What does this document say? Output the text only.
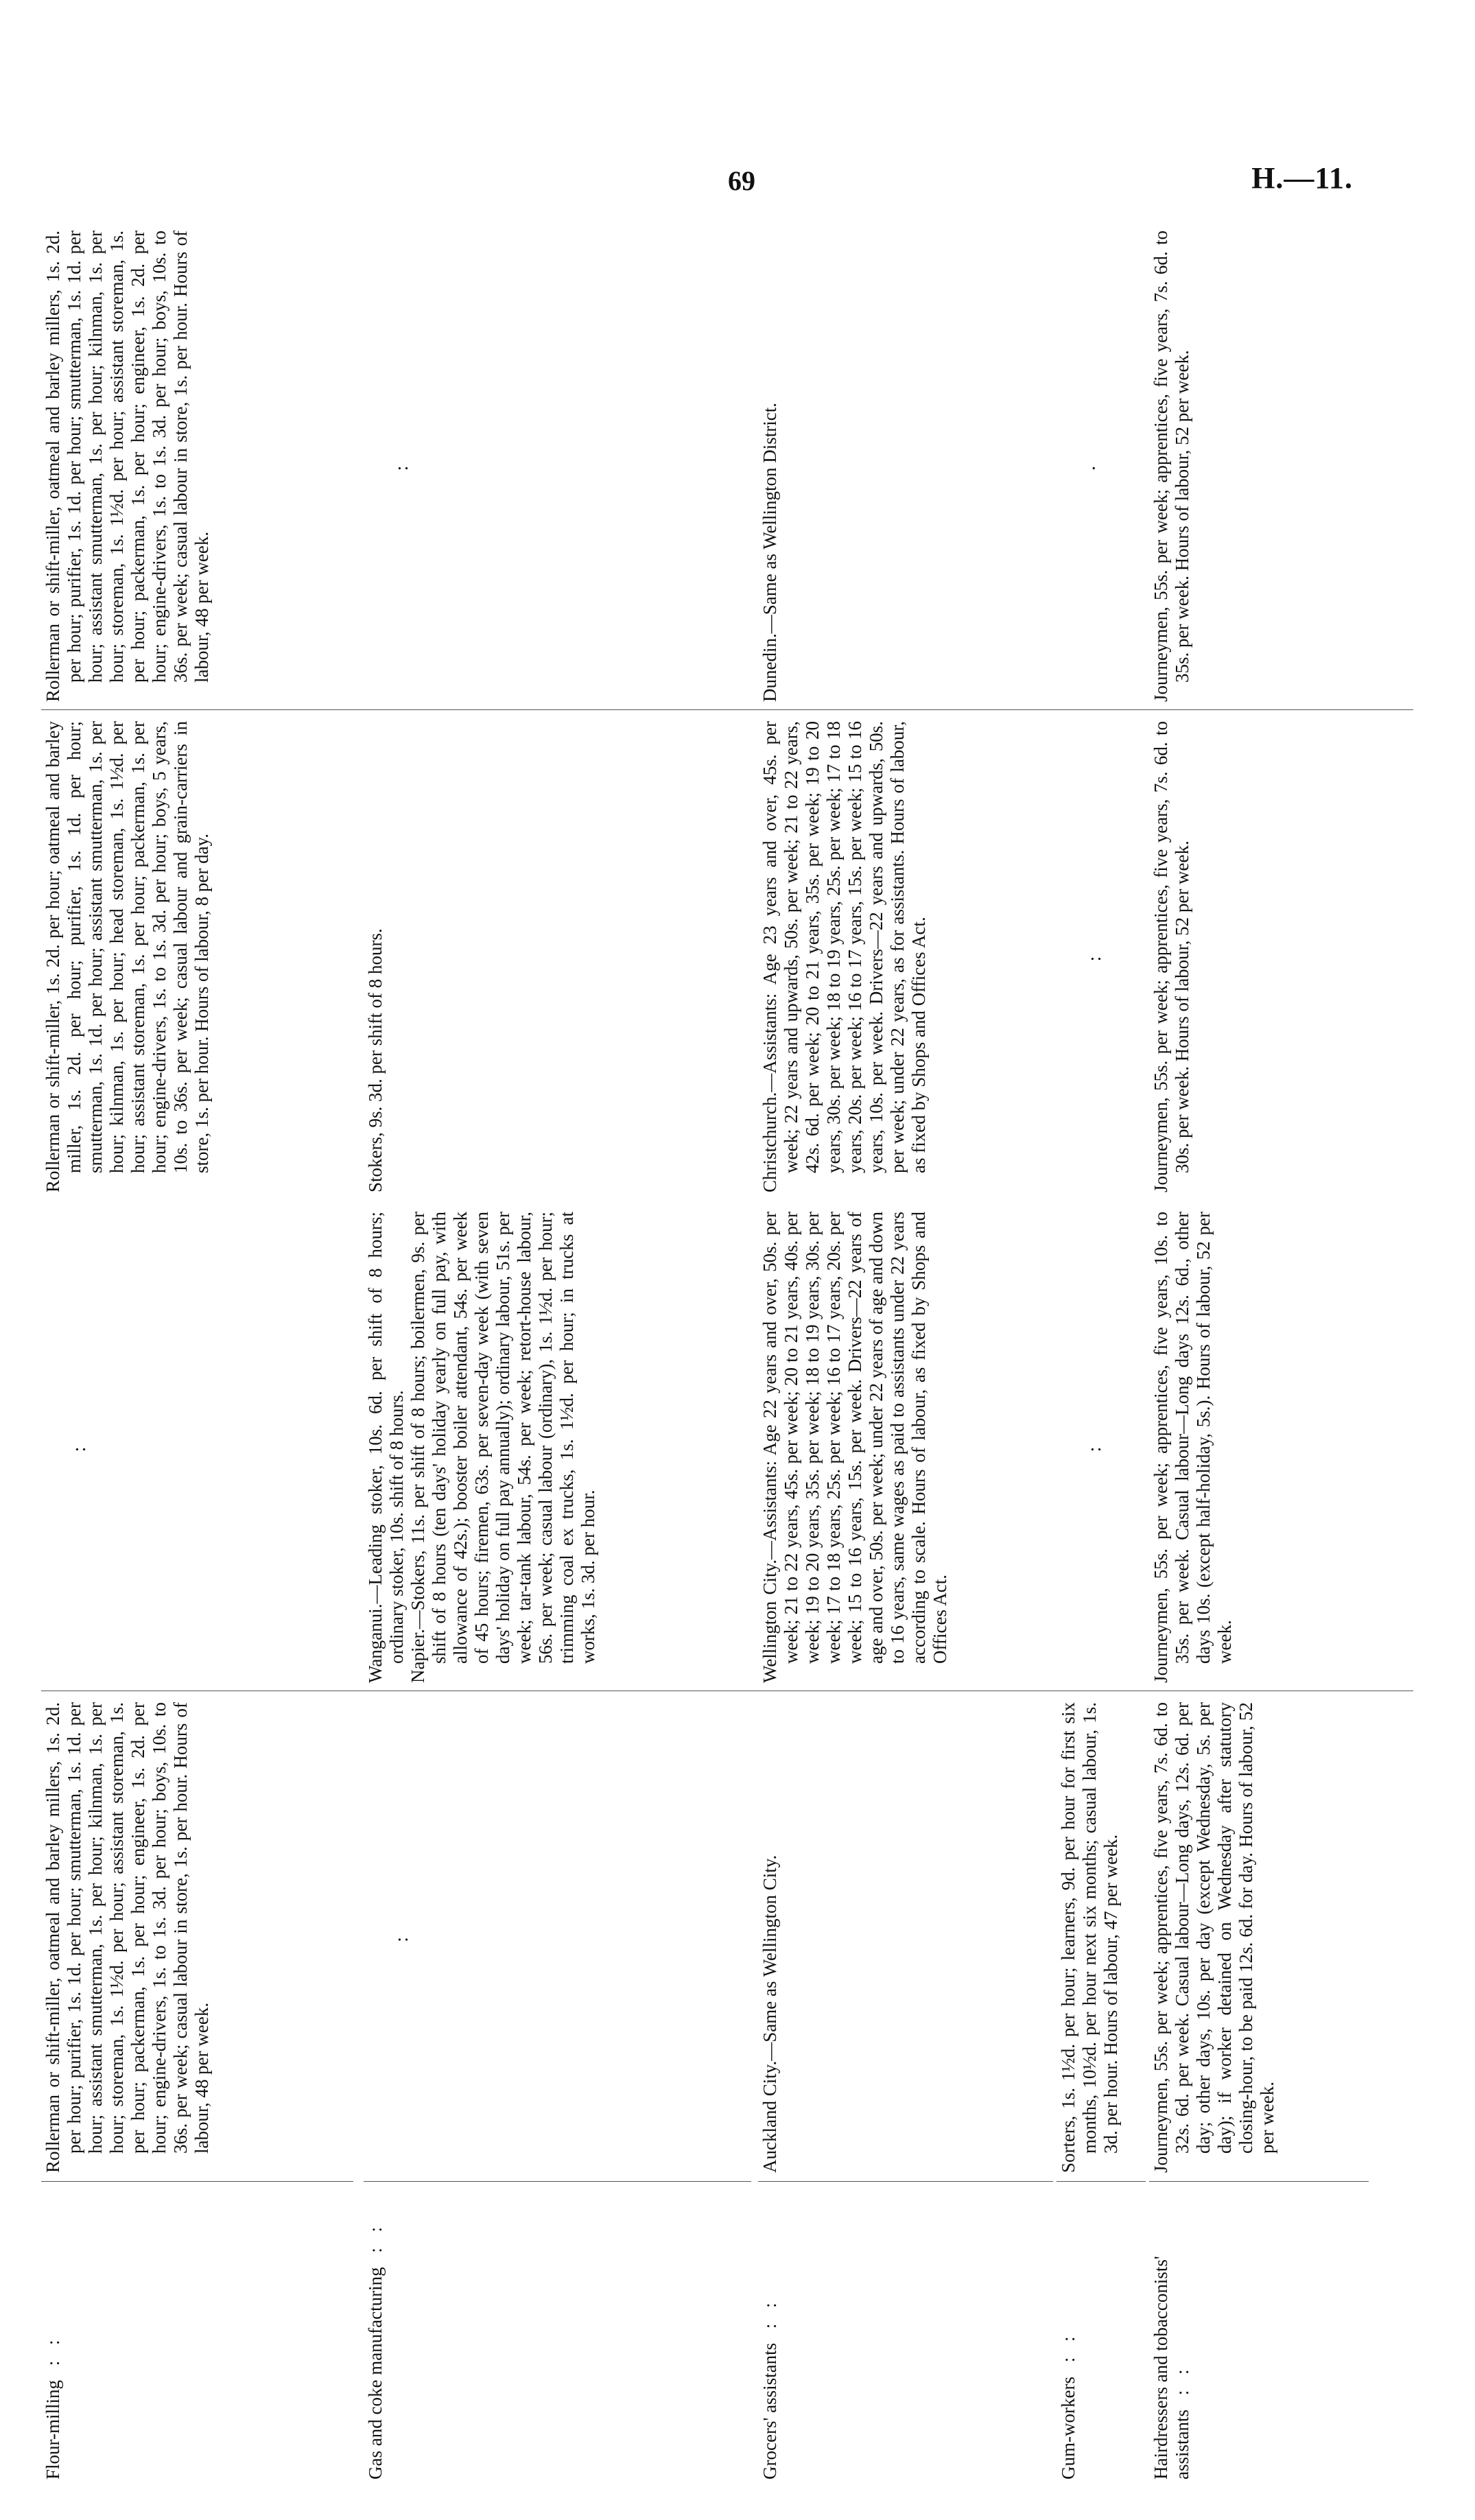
69	H.—11.
Flour-milling : :

Rollerman or shift-miller, oatmeal and barley millers, 1s. 2d. per hour; purifier, 1s. 1d. per hour; smutterman, 1s. 1d. per hour; assistant smutterman, 1s. per hour; kilnman, 1s. per hour; storeman, 1s. 1½d. per hour; assistant storeman, 1s. per hour; packerman, 1s. per hour; engineer, 1s. 2d. per hour; engine-drivers, 1s. to 1s. 3d. per hour; boys, 10s. to 36s. per week; casual labour in store, 1s. per hour. Hours of labour, 48 per week.

:

Rollerman or shift-miller, 1s. 2d. per hour; oatmeal and barley miller, 1s. 2d. per hour; purifier, 1s. 1d. per hour; smutterman, 1s. 1d. per hour; assistant smutterman, 1s. per hour; kilnman, 1s. per hour; head storeman, 1s. 1½d. per hour; assistant storeman, 1s. per hour; packerman, 1s. per hour; engine-drivers, 1s. to 1s. 3d. per hour; boys, 5 years, 10s. to 36s. per week; casual labour and grain-carriers in store, 1s. per hour. Hours of labour, 8 per day.

Rollerman or shift-miller, oatmeal and barley millers, 1s. 2d. per hour; purifier, 1s. 1d. per hour; smutterman, 1s. 1d. per hour; assistant smutterman, 1s. per hour; kilnman, 1s. per hour; storeman, 1s. 1½d. per hour; assistant storeman, 1s. per hour; packerman, 1s. per hour; engineer, 1s. 2d. per hour; engine-drivers, 1s. to 1s. 3d. per hour; boys, 10s. to 36s. per week; casual labour in store, 1s. per hour. Hours of labour, 48 per week.

Gas and coke manufacturing : :
:

Wanganui.—Leading stoker, 10s. 6d. per shift of 8 hours; ordinary stoker, 10s. shift of 8 hours. Napier.—Stokers, 11s. per shift of 8 hours; boilermen, 9s. per shift of 8 hours (ten days' holiday yearly on full pay, with allowance of 42s.); booster boiler attendant, 54s. per week of 45 hours; firemen, 63s. per seven-day week (with seven days' holiday on full pay annually); ordinary labour, 51s. per week; tar-tank labour, 54s. per week; retort-house labour, 56s. per week; casual labour (ordinary), 1s. 1½d. per hour; trimming coal ex trucks, 1s. 1½d. per hour; in trucks at works, 1s. 3d. per hour.

Stokers, 9s. 3d. per shift of 8 hours.

:
Grocers' assistants : :

Auckland City.—Same as Wellington City.

Wellington City.—Assistants: Age 22 years and over, 50s. per week; 21 to 22 years, 45s. per week; 20 to 21 years, 40s. per week; 19 to 20 years, 35s. per week; 18 to 19 years, 30s. per week; 17 to 18 years, 25s. per week; 16 to 17 years, 20s. per week; 15 to 16 years, 15s. per week. Drivers—22 years of age and over, 50s. per week; under 22 years of age and down to 16 years, same wages as paid to assistants under 22 years according to scale. Hours of labour, as fixed by Shops and Offices Act.

Christchurch.—Assistants: Age 23 years and over, 45s. per week; 22 years and upwards, 50s. per week; 21 to 22 years, 42s. 6d. per week; 20 to 21 years, 35s. per week; 19 to 20 years, 30s. per week; 18 to 19 years, 25s. per week; 17 to 18 years, 20s. per week; 16 to 17 years, 15s. per week; 15 to 16 years, 10s. per week. Drivers—22 years and upwards, 50s. per week; under 22 years, as for assistants. Hours of labour, as fixed by Shops and Offices Act.

Dunedin.—Same as Wellington District.

Gum-workers : :

Sorters, 1s. 1½d. per hour; learners, 9d. per hour for first six months, 10½d. per hour next six months; casual labour, 1s. 3d. per hour. Hours of labour, 47 per week.

:
:
·
Hairdressers and tobacconists' assistants : :

Journeymen, 55s. per week; apprentices, five years, 7s. 6d. to 32s. 6d. per week. Casual labour—Long days, 12s. 6d. per day; other days, 10s. per day (except Wednesday, 5s. per day); if worker detained on Wednesday after statutory closing-hour, to be paid 12s. 6d. for day. Hours of labour, 52 per week.

Journeymen, 55s. per week; apprentices, five years, 10s. to 35s. per week. Casual labour—Long days 12s. 6d., other days 10s. (except half-holiday, 5s.). Hours of labour, 52 per week.

Journeymen, 55s. per week; apprentices, five years, 7s. 6d. to 30s. per week. Hours of labour, 52 per week.

Journeymen, 55s. per week; apprentices, five years, 7s. 6d. to 35s. per week. Hours of labour, 52 per week.
